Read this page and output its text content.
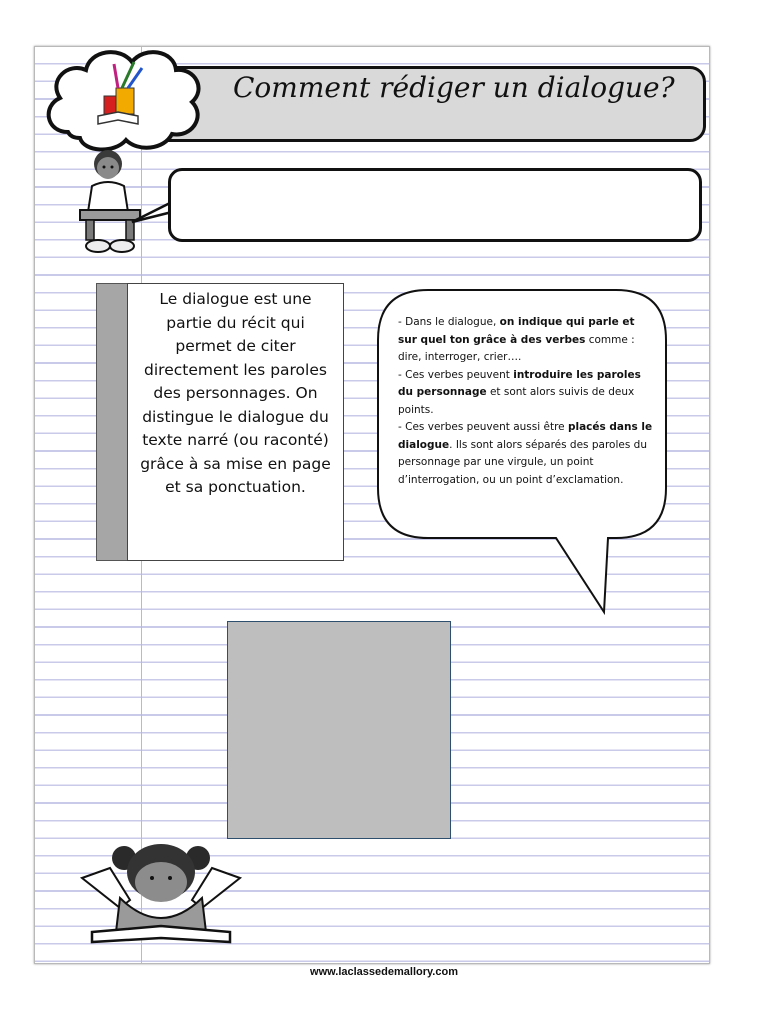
Comment rédiger un dialogue?
Le dialogue est une partie du récit qui permet de citer directement les paroles des personnages. On distingue le dialogue du texte narré (ou raconté) grâce à sa mise en page et sa ponctuation.

- Dans le dialogue, on indique qui parle et sur quel ton grâce à des verbes comme : dire, interroger, crier….

- Ces verbes peuvent introduire les paroles du personnage et sont alors suivis de deux points.

- Ces verbes peuvent aussi être placés dans le dialogue. Ils sont alors séparés des paroles du personnage par une virgule, un point d’interrogation, ou un point d’exclamation.

www.laclassedemallory.com
